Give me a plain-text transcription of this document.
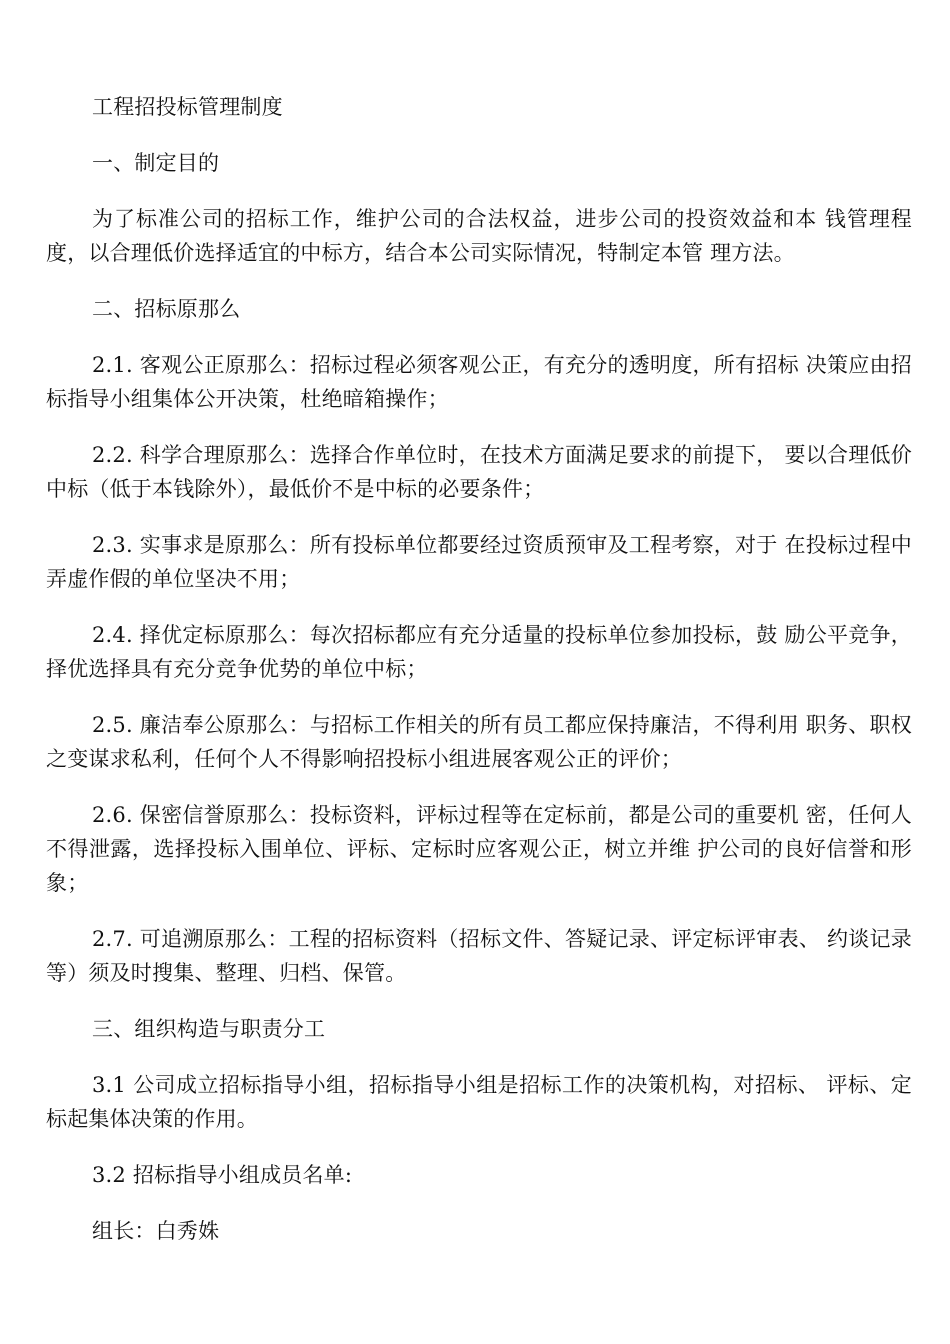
工程招投标管理制度

一、制定目的

为了标准公司的招标工作，维护公司的合法权益，进步公司的投资效益和本 钱管理程度，以合理低价选择适宜的中标方，结合本公司实际情况，特制定本管 理方法。

二、招标原那么

2.1. 客观公正原那么：招标过程必须客观公正，有充分的透明度，所有招标 决策应由招标指导小组集体公开决策，杜绝暗箱操作；

2.2. 科学合理原那么：选择合作单位时，在技术方面满足要求的前提下， 要以合理低价中标（低于本钱除外），最低价不是中标的必要条件；

2.3. 实事求是原那么：所有投标单位都要经过资质预审及工程考察，对于 在投标过程中弄虚作假的单位坚决不用；

2.4. 择优定标原那么：每次招标都应有充分适量的投标单位参加投标，鼓 励公平竞争，择优选择具有充分竞争优势的单位中标；

2.5. 廉洁奉公原那么：与招标工作相关的所有员工都应保持廉洁，不得利用 职务、职权之变谋求私利，任何个人不得影响招投标小组进展客观公正的评价；

2.6. 保密信誉原那么：投标资料，评标过程等在定标前，都是公司的重要机 密，任何人不得泄露，选择投标入围单位、评标、定标时应客观公正，树立并维 护公司的良好信誉和形象；

2.7. 可追溯原那么：工程的招标资料（招标文件、答疑记录、评定标评审表、 约谈记录等）须及时搜集、整理、归档、保管。

三、组织构造与职责分工

3.1 公司成立招标指导小组，招标指导小组是招标工作的决策机构，对招标、 评标、定标起集体决策的作用。

3.2 招标指导小组成员名单:

组长：白秀姝
